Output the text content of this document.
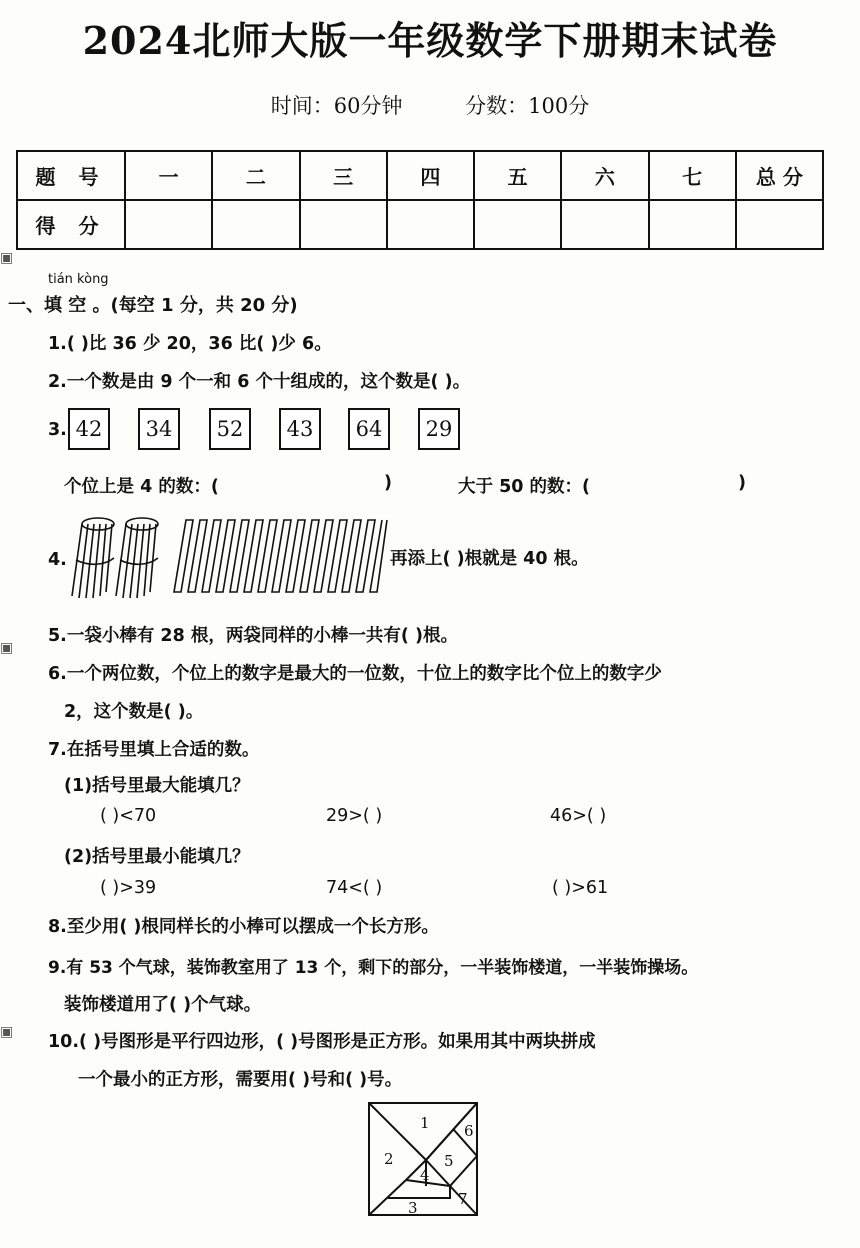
2024北师大版一年级数学下册期末试卷
时间：60分钟	分数：100分
题 号	一	二	三	四	五	六	七	总 分
得 分								
▣
▣
▣
tián kòng
一、填 空 。(每空 1 分，共 20 分)
1.( )比 36 少 20，36 比( )少 6。
2.一个数是由 9 个一和 6 个十组成的，这个数是( )。
3. 42	34	52	43	64	29
个位上是 4 的数：(	)	大于 50 的数：(	)
4.	再添上( )根就是 40 根。
5.一袋小棒有 28 根，两袋同样的小棒一共有( )根。
6.一个两位数，个位上的数字是最大的一位数，十位上的数字比个位上的数字少
2，这个数是( )。
7.在括号里填上合适的数。
(1)括号里最大能填几？
( )<70	29>( )	46>( )
(2)括号里最小能填几？
( )>39	74<( )	( )>61
8.至少用( )根同样长的小棒可以摆成一个长方形。
9.有 53 个气球，装饰教室用了 13 个，剩下的部分，一半装饰楼道，一半装饰操场。
装饰楼道用了( )个气球。
10.( )号图形是平行四边形，( )号图形是正方形。如果用其中两块拼成
一个最小的正方形，需要用( )号和( )号。
1
2
3
4
5
6
7
